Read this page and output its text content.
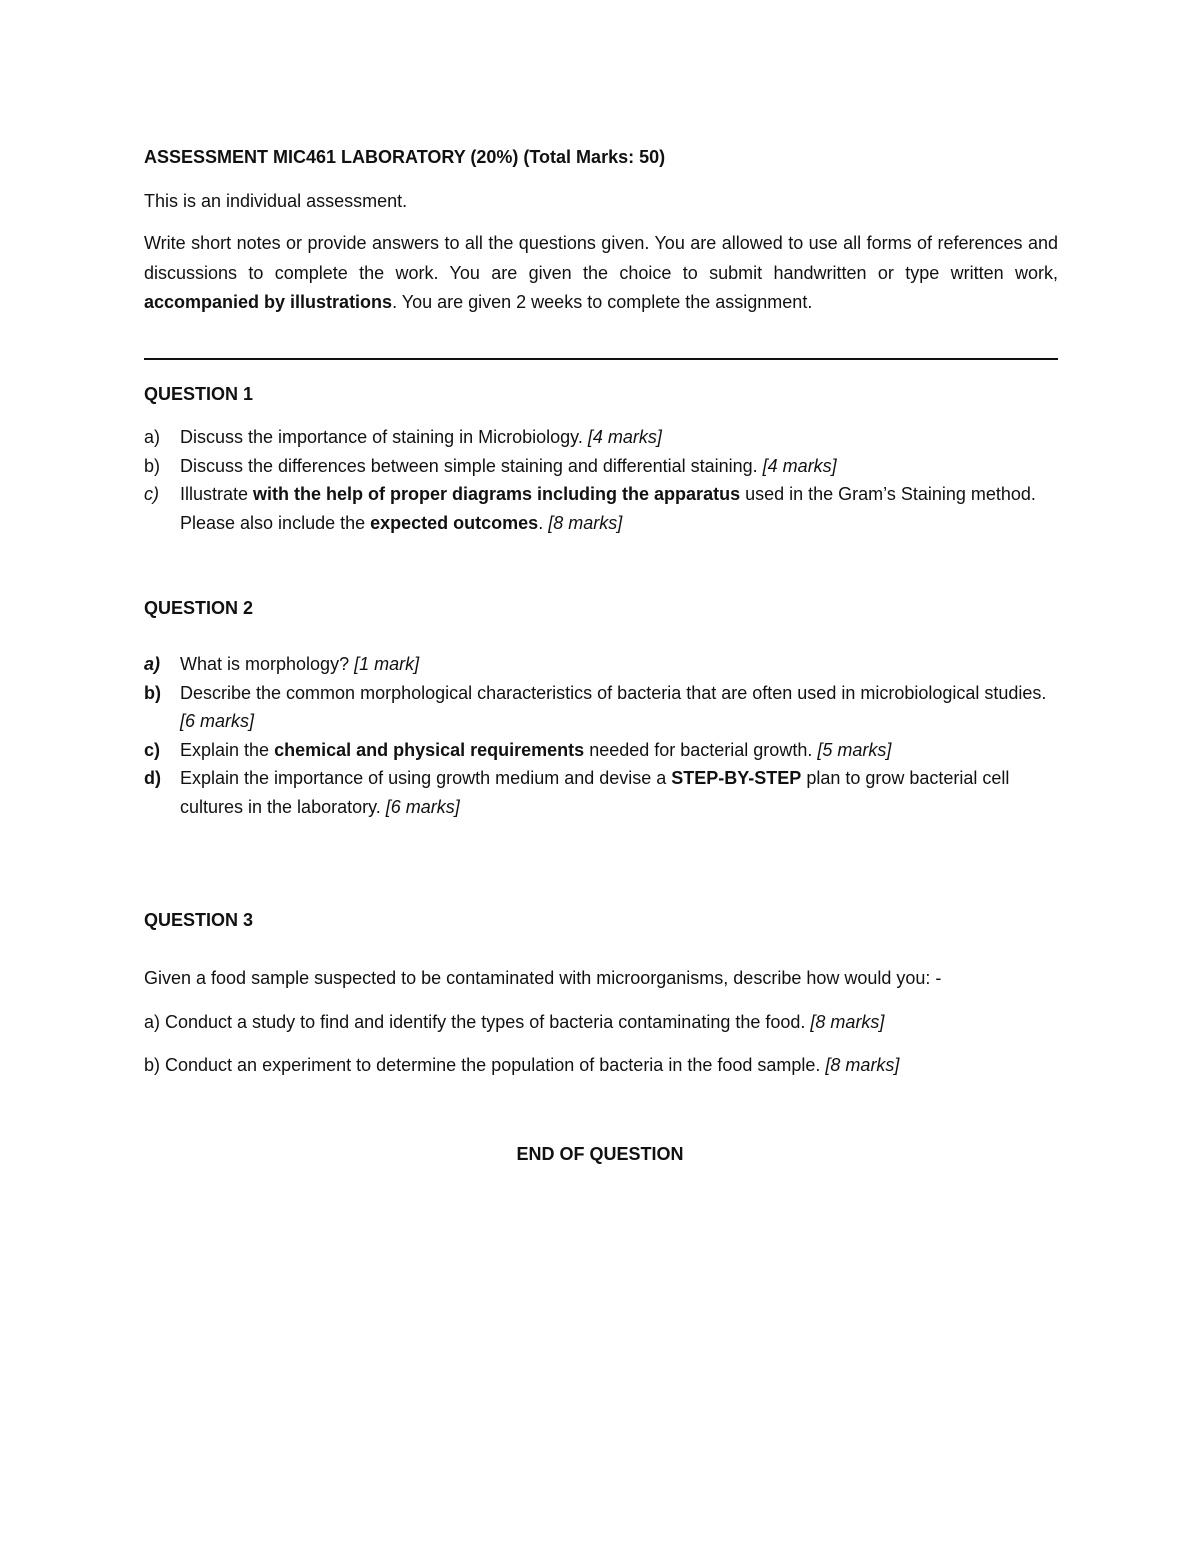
ASSESSMENT MIC461 LABORATORY (20%) (Total Marks: 50)
This is an individual assessment.
Write short notes or provide answers to all the questions given. You are allowed to use all forms of references and discussions to complete the work. You are given the choice to submit handwritten or type written work, accompanied by illustrations. You are given 2 weeks to complete the assignment.
QUESTION 1
a)	Discuss the importance of staining in Microbiology. [4 marks]
b)	Discuss the differences between simple staining and differential staining. [4 marks]
c)	Illustrate with the help of proper diagrams including the apparatus used in the Gram’s Staining method. Please also include the expected outcomes. [8 marks]
QUESTION 2
a)	What is morphology? [1 mark]
b)	Describe the common morphological characteristics of bacteria that are often used in microbiological studies. [6 marks]
c)	Explain the chemical and physical requirements needed for bacterial growth. [5 marks]
d)	Explain the importance of using growth medium and devise a STEP-BY-STEP plan to grow bacterial cell cultures in the laboratory. [6 marks]
QUESTION 3
Given a food sample suspected to be contaminated with microorganisms, describe how would you: -
a) Conduct a study to find and identify the types of bacteria contaminating the food. [8 marks]
b) Conduct an experiment to determine the population of bacteria in the food sample. [8 marks]
END OF QUESTION
